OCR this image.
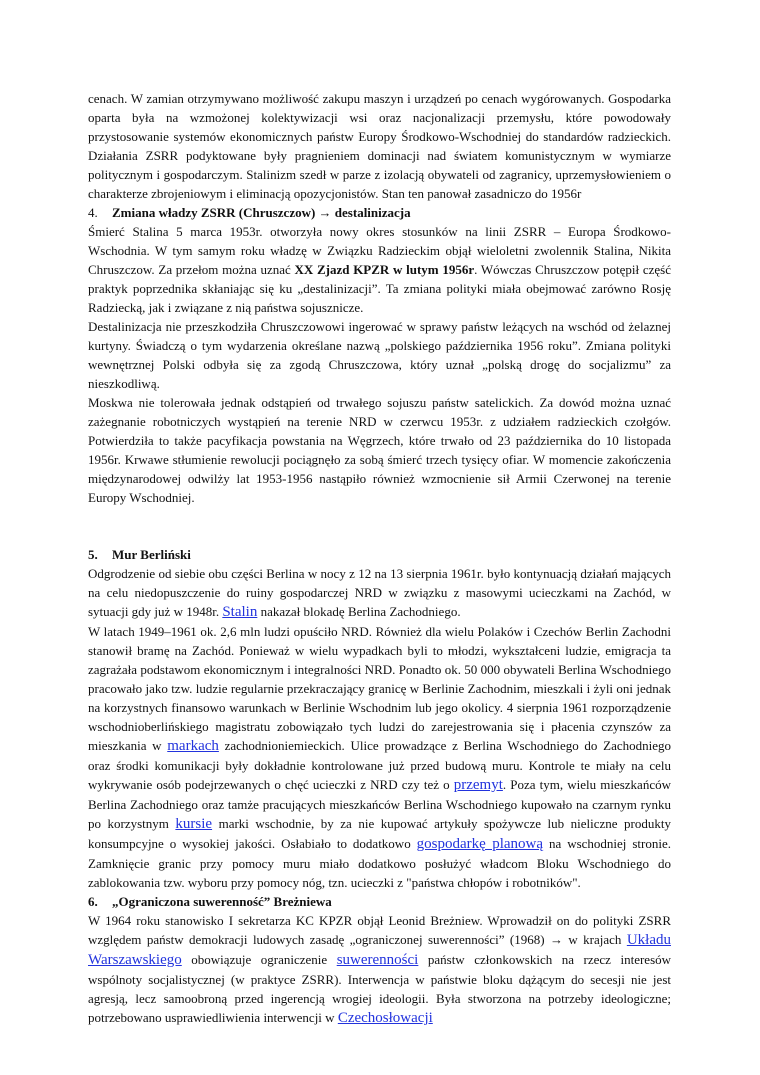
cenach. W zamian otrzymywano możliwość zakupu maszyn i urządzeń po cenach wygórowanych. Gospodarka oparta była na wzmożonej kolektywizacji wsi oraz nacjonalizacji przemysłu, które powodowały przystosowanie systemów ekonomicznych państw Europy Środkowo-Wschodniej do standardów radzieckich. Działania ZSRR podyktowane były pragnieniem dominacji nad światem komunistycznym w wymiarze politycznym i gospodarczym. Stalinizm szedł w parze z izolacją obywateli od zagranicy, uprzemysłowieniem o charakterze zbrojeniowym i eliminacją opozycjonistów. Stan ten panował zasadniczo do 1956r

4. Zmiana władzy ZSRR (Chruszczow) → destalinizacja

Śmierć Stalina 5 marca 1953r. otworzyła nowy okres stosunków na linii ZSRR – Europa Środkowo-Wschodnia. W tym samym roku władzę w Związku Radzieckim objął wieloletni zwolennik Stalina, Nikita Chruszczow. Za przełom można uznać XX Zjazd KPZR w lutym 1956r. Wówczas Chruszczow potępił część praktyk poprzednika skłaniając się ku „destalinizacji”. Ta zmiana polityki miała obejmować zarówno Rosję Radziecką, jak i związane z nią państwa sojusznicze.

Destalinizacja nie przeszkodziła Chruszczowowi ingerować w sprawy państw leżących na wschód od żelaznej kurtyny. Świadczą o tym wydarzenia określane nazwą „polskiego października 1956 roku”. Zmiana polityki wewnętrznej Polski odbyła się za zgodą Chruszczowa, który uznał „polską drogę do socjalizmu” za nieszkodliwą.

Moskwa nie tolerowała jednak odstąpień od trwałego sojuszu państw satelickich. Za dowód można uznać zażegnanie robotniczych wystąpień na terenie NRD w czerwcu 1953r. z udziałem radzieckich czołgów. Potwierdziła to także pacyfikacja powstania na Węgrzech, które trwało od 23 października do 10 listopada 1956r. Krwawe stłumienie rewolucji pociągnęło za sobą śmierć trzech tysięcy ofiar. W momencie zakończenia międzynarodowej odwilży lat 1953-1956 nastąpiło również wzmocnienie sił Armii Czerwonej na terenie Europy Wschodniej.

5. Mur Berliński

Odgrodzenie od siebie obu części Berlina w nocy z 12 na 13 sierpnia 1961r. było kontynuacją działań mających na celu niedopuszczenie do ruiny gospodarczej NRD w związku z masowymi ucieczkami na Zachód, w sytuacji gdy już w 1948r. Stalin nakazał blokadę Berlina Zachodniego.

W latach 1949–1961 ok. 2,6 mln ludzi opuściło NRD. Również dla wielu Polaków i Czechów Berlin Zachodni stanowił bramę na Zachód. Ponieważ w wielu wypadkach byli to młodzi, wykształceni ludzie, emigracja ta zagrażała podstawom ekonomicznym i integralności NRD. Ponadto ok. 50 000 obywateli Berlina Wschodniego pracowało jako tzw. ludzie regularnie przekraczający granicę w Berlinie Zachodnim, mieszkali i żyli oni jednak na korzystnych finansowo warunkach w Berlinie Wschodnim lub jego okolicy. 4 sierpnia 1961 rozporządzenie wschodnioberlińskiego magistratu zobowiązało tych ludzi do zarejestrowania się i płacenia czynszów za mieszkania w markach zachodnioniemieckich. Ulice prowadzące z Berlina Wschodniego do Zachodniego oraz środki komunikacji były dokładnie kontrolowane już przed budową muru. Kontrole te miały na celu wykrywanie osób podejrzewanych o chęć ucieczki z NRD czy też o przemyt. Poza tym, wielu mieszkańców Berlina Zachodniego oraz tamże pracujących mieszkańców Berlina Wschodniego kupowało na czarnym rynku po korzystnym kursie marki wschodnie, by za nie kupować artykuły spożywcze lub nieliczne produkty konsumpcyjne o wysokiej jakości. Osłabiało to dodatkowo gospodarkę planową na wschodniej stronie. Zamknięcie granic przy pomocy muru miało dodatkowo posłużyć władcom Bloku Wschodniego do zablokowania tzw. wyboru przy pomocy nóg, tzn. ucieczki z "państwa chłopów i robotników".

6. „Ograniczona suwerenność” Breżniewa

W 1964 roku stanowisko I sekretarza KC KPZR objął Leonid Breżniew. Wprowadził on do polityki ZSRR względem państw demokracji ludowych zasadę „ograniczonej suwerenności” (1968) → w krajach Układu Warszawskiego obowiązuje ograniczenie suwerenności państw członkowskich na rzecz interesów wspólnoty socjalistycznej (w praktyce ZSRR). Interwencja w państwie bloku dążącym do secesji nie jest agresją, lecz samoobroną przed ingerencją wrogiej ideologii. Była stworzona na potrzeby ideologiczne; potrzebowano usprawiedliwienia interwencji w Czechosłowacji
